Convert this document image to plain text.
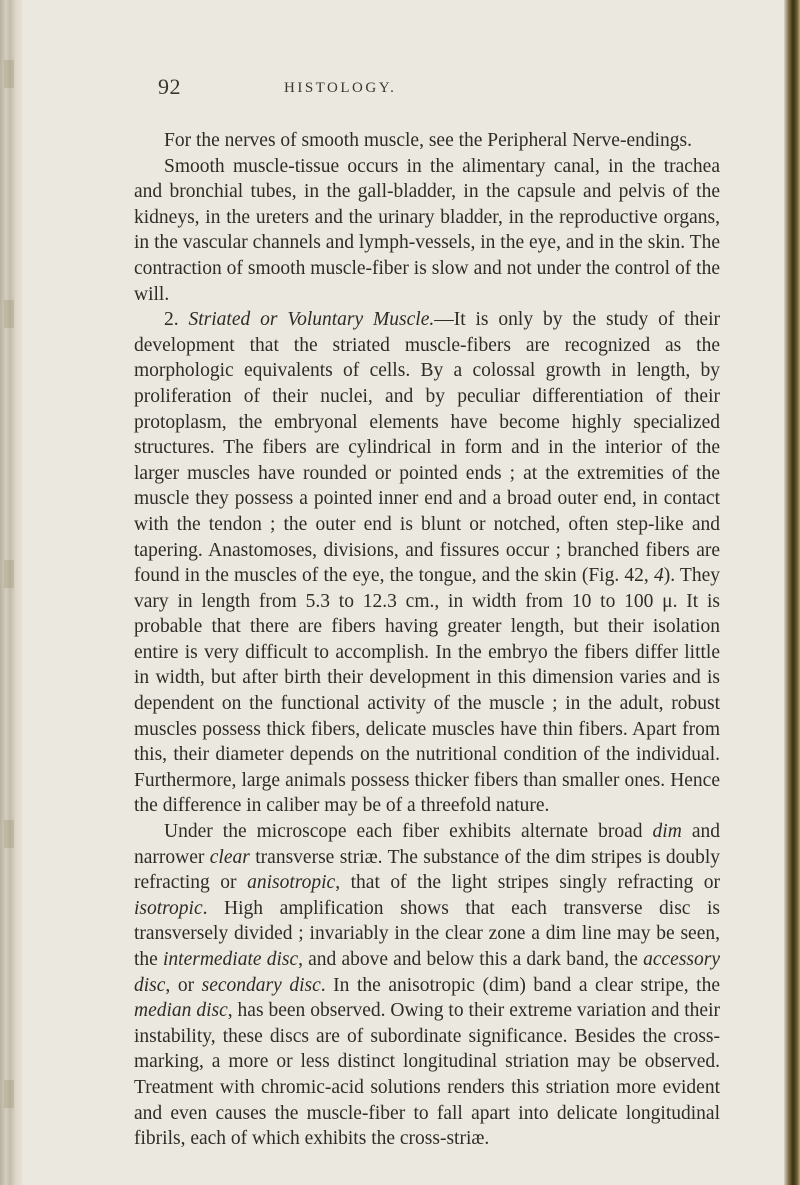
92	HISTOLOGY.

For the nerves of smooth muscle, see the Peripheral Nerve-endings.

Smooth muscle-tissue occurs in the alimentary canal, in the trachea and bronchial tubes, in the gall-bladder, in the capsule and pelvis of the kidneys, in the ureters and the urinary bladder, in the reproductive organs, in the vascular channels and lymph-vessels, in the eye, and in the skin. The contraction of smooth muscle-fiber is slow and not under the control of the will.

2. Striated or Voluntary Muscle.—It is only by the study of their development that the striated muscle-fibers are recognized as the morphologic equivalents of cells. By a colossal growth in length, by proliferation of their nuclei, and by peculiar differentiation of their protoplasm, the embryonal elements have become highly specialized structures. The fibers are cylindrical in form and in the interior of the larger muscles have rounded or pointed ends ; at the extremities of the muscle they possess a pointed inner end and a broad outer end, in contact with the tendon ; the outer end is blunt or notched, often step-like and tapering. Anastomoses, divisions, and fissures occur ; branched fibers are found in the muscles of the eye, the tongue, and the skin (Fig. 42, 4). They vary in length from 5.3 to 12.3 cm., in width from 10 to 100 μ. It is probable that there are fibers having greater length, but their isolation entire is very difficult to accomplish. In the embryo the fibers differ little in width, but after birth their development in this dimension varies and is dependent on the functional activity of the muscle ; in the adult, robust muscles possess thick fibers, delicate muscles have thin fibers. Apart from this, their diameter depends on the nutritional condition of the individual. Furthermore, large animals possess thicker fibers than smaller ones. Hence the difference in caliber may be of a threefold nature.

Under the microscope each fiber exhibits alternate broad dim and narrower clear transverse striæ. The substance of the dim stripes is doubly refracting or anisotropic, that of the light stripes singly refracting or isotropic. High amplification shows that each transverse disc is transversely divided ; invariably in the clear zone a dim line may be seen, the intermediate disc, and above and below this a dark band, the accessory disc, or secondary disc. In the anisotropic (dim) band a clear stripe, the median disc, has been observed. Owing to their extreme variation and their instability, these discs are of subordinate significance. Besides the cross-marking, a more or less distinct longitudinal striation may be observed. Treatment with chromic-acid solutions renders this striation more evident and even causes the muscle-fiber to fall apart into delicate longitudinal fibrils, each of which exhibits the cross-striæ.
